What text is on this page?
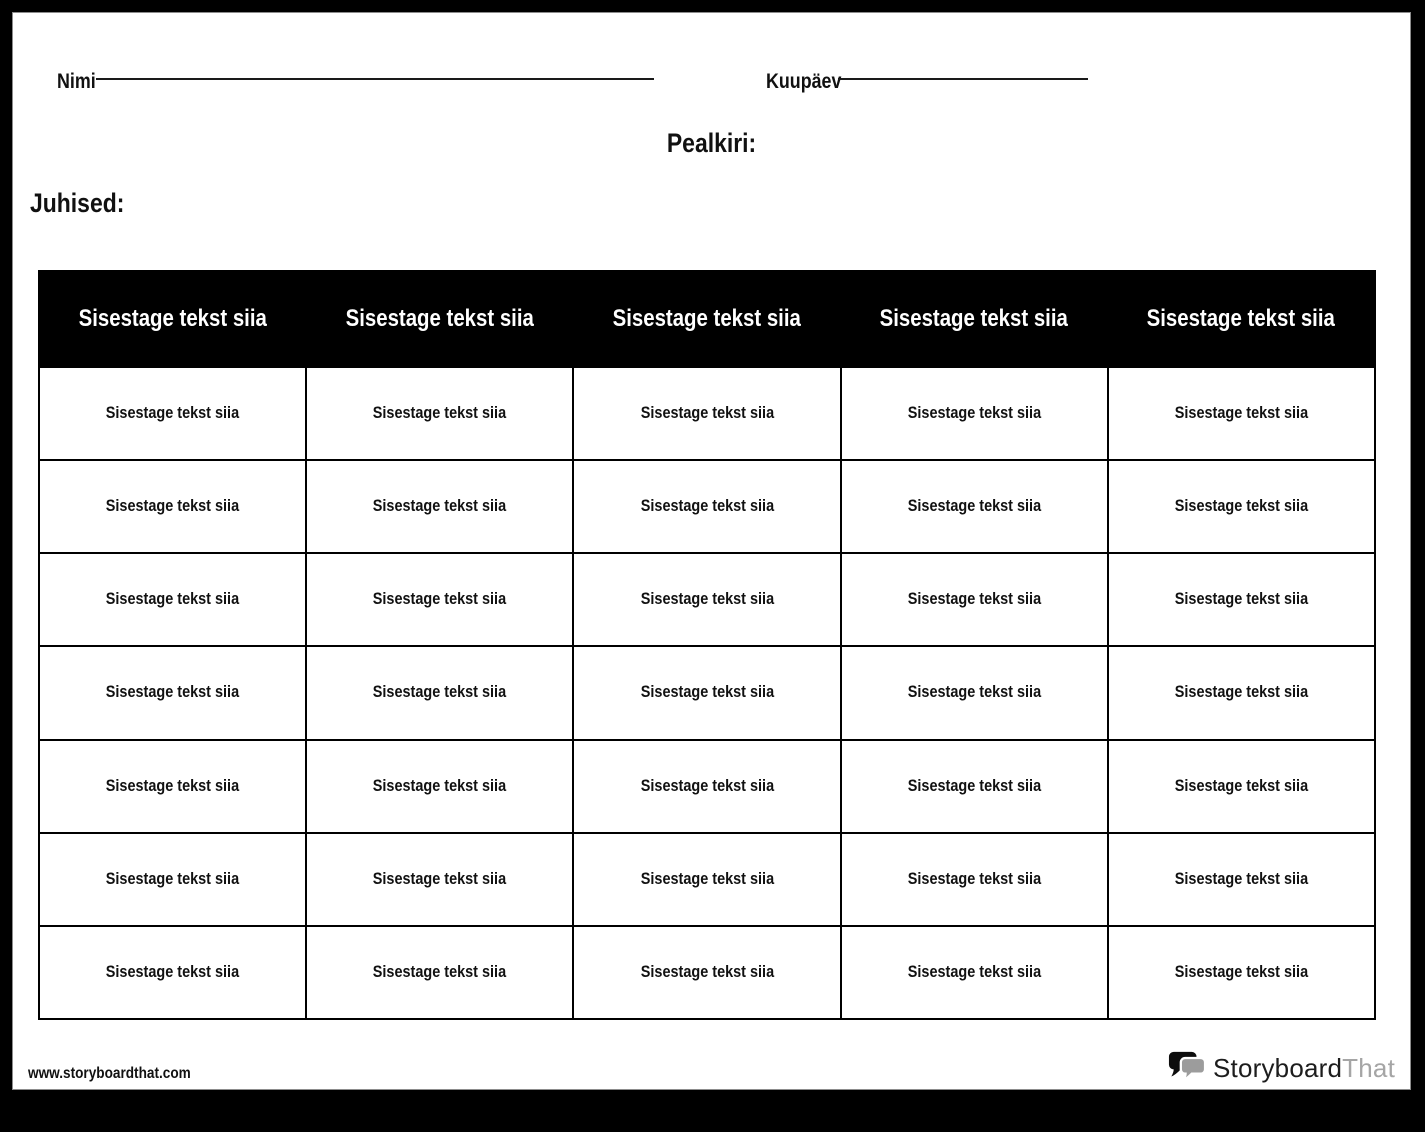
Nimi	Kuupäev
Pealkiri:
Juhised:
Sisestage tekst siia	Sisestage tekst siia	Sisestage tekst siia	Sisestage tekst siia	Sisestage tekst siia
Sisestage tekst siia	Sisestage tekst siia	Sisestage tekst siia	Sisestage tekst siia	Sisestage tekst siia
Sisestage tekst siia	Sisestage tekst siia	Sisestage tekst siia	Sisestage tekst siia	Sisestage tekst siia
Sisestage tekst siia	Sisestage tekst siia	Sisestage tekst siia	Sisestage tekst siia	Sisestage tekst siia
Sisestage tekst siia	Sisestage tekst siia	Sisestage tekst siia	Sisestage tekst siia	Sisestage tekst siia
Sisestage tekst siia	Sisestage tekst siia	Sisestage tekst siia	Sisestage tekst siia	Sisestage tekst siia
Sisestage tekst siia	Sisestage tekst siia	Sisestage tekst siia	Sisestage tekst siia	Sisestage tekst siia
Sisestage tekst siia	Sisestage tekst siia	Sisestage tekst siia	Sisestage tekst siia	Sisestage tekst siia
www.storyboardthat.com	StoryboardThat
